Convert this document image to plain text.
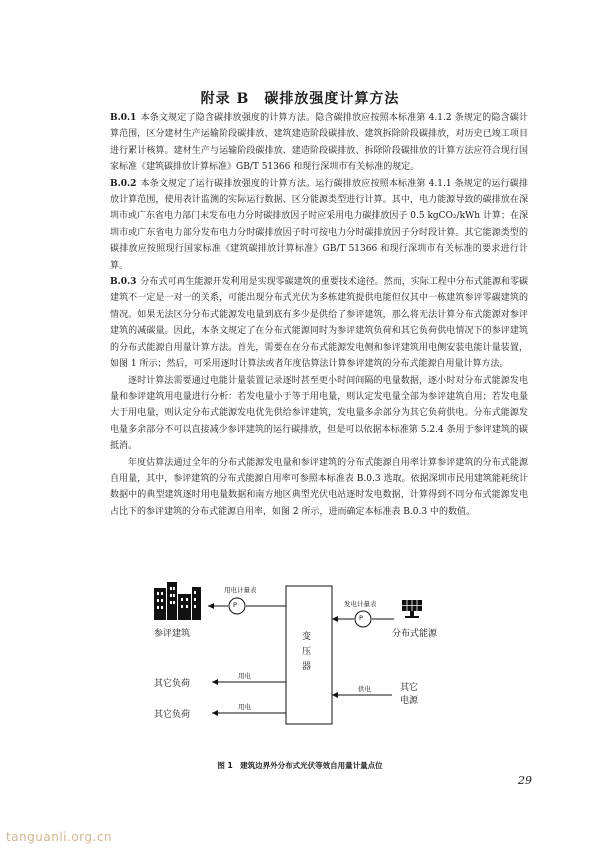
附录 B　碳排放强度计算方法

B.0.1 本条文规定了隐含碳排放强度的计算方法。隐含碳排放应按照本标准第 4.1.2 条规定的隐含碳计算范围，区分建材生产运输阶段碳排放、建筑建造阶段碳排放、建筑拆除阶段碳排放，对历史已竣工项目进行累计核算。建材生产与运输阶段碳排放、建造阶段碳排放、拆除阶段碳排放的计算方法应符合现行国家标准《建筑碳排放计算标准》GB/T 51366 和现行深圳市有关标准的规定。

B.0.2 本条文规定了运行碳排放强度的计算方法。运行碳排放应按照本标准第 4.1.1 条规定的运行碳排放计算范围，使用表计监测的实际运行数据、区分能源类型进行计算。其中，电力能源导致的碳排放在深圳市或广东省电力部门未发布电力分时碳排放因子时应采用电力碳排放因子 0.5 kgCO₂/kWh 计算；在深圳市或广东省电力部分发布电力分时碳排放因子时可按电力分时碳排放因子分时段计算。其它能源类型的碳排放应按照现行国家标准《建筑碳排放计算标准》GB/T 51366 和现行深圳市有关标准的要求进行计算。

B.0.3 分布式可再生能源开发利用是实现零碳建筑的重要技术途径。然而，实际工程中分布式能源和零碳建筑不一定是一对一的关系，可能出现分布式光伏为多栋建筑提供电能但仅其中一栋建筑参评零碳建筑的情况。如果无法区分分布式能源发电量到底有多少是供给了参评建筑，那么将无法计算分布式能源对参评建筑的减碳量。因此，本条文规定了在分布式能源同时为参评建筑负荷和其它负荷供电情况下的参评建筑的分布式能源自用量计算方法。首先，需要在在分布式能源发电侧和参评建筑用电侧安装电能计量装置，如图 1 所示；然后，可采用逐时计算法或者年度估算法计算参评建筑的分布式能源自用量计算方法。

逐时计算法需要通过电能计量装置记录逐时甚至更小时间间隔的电量数据，逐小时对分布式能源发电量和参评建筑用电量进行分析：若发电量小于等于用电量，则认定发电量全部为参评建筑自用；若发电量大于用电量，则认定分布式能源发电优先供给参评建筑，发电量多余部分为其它负荷供电。分布式能源发电量多余部分不可以直接减少参评建筑的运行碳排放，但是可以依据本标准第 5.2.4 条用于参评建筑的碳抵消。

年度估算法通过全年的分布式能源发电量和参评建筑的分布式能源自用率计算参评建筑的分布式能源自用量，其中，参评建筑的分布式能源自用率可参照本标准表 B.0.3 选取。依据深圳市民用建筑能耗统计数据中的典型建筑逐时用电量数据和南方地区典型光伏电站逐时发电数据，计算得到不同分布式能源发电占比下的参评建筑的分布式能源自用率，如图 2 所示，进而确定本标准表 B.0.3 中的数值。

参评建筑
用电计量表
P	发电计量表
P
分布式能源
变
压
器
其它负荷
用电
其它负荷
用电
供电	其它
电源
图 1　建筑边界外分布式光伏等效自用量计量点位
29
tanguanli.org.cn
